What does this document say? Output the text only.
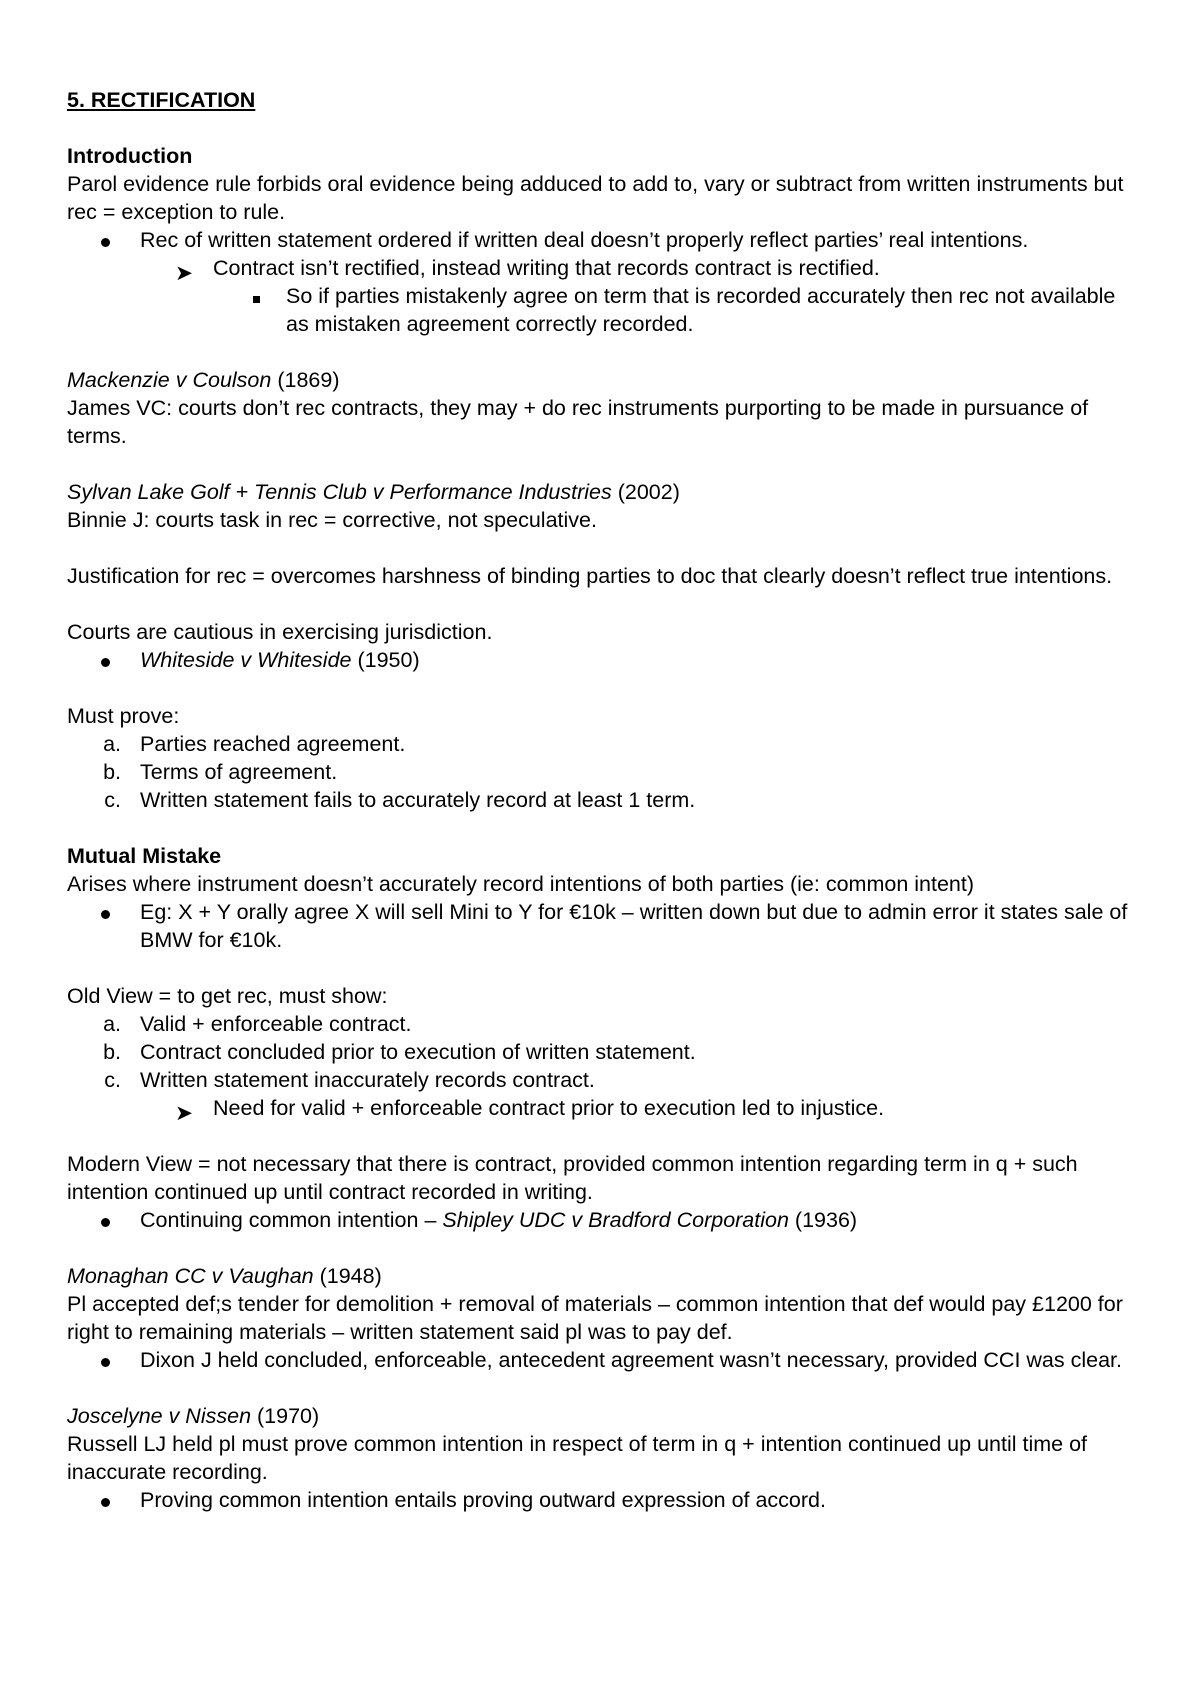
5. RECTIFICATION
Introduction
Parol evidence rule forbids oral evidence being adduced to add to, vary or subtract from written instruments but rec = exception to rule.
Rec of written statement ordered if written deal doesn’t properly reflect parties’ real intentions.
➤ Contract isn’t rectified, instead writing that records contract is rectified.
So if parties mistakenly agree on term that is recorded accurately then rec not available as mistaken agreement correctly recorded.
Mackenzie v Coulson (1869)
James VC: courts don’t rec contracts, they may + do rec instruments purporting to be made in pursuance of terms.
Sylvan Lake Golf + Tennis Club v Performance Industries (2002)
Binnie J: courts task in rec = corrective, not speculative.
Justification for rec = overcomes harshness of binding parties to doc that clearly doesn’t reflect true intentions.
Courts are cautious in exercising jurisdiction.
Whiteside v Whiteside (1950)
Must prove:
a. Parties reached agreement.
b. Terms of agreement.
c. Written statement fails to accurately record at least 1 term.
Mutual Mistake
Arises where instrument doesn’t accurately record intentions of both parties (ie: common intent)
Eg: X + Y orally agree X will sell Mini to Y for €10k – written down but due to admin error it states sale of BMW for €10k.
Old View = to get rec, must show:
a. Valid + enforceable contract.
b. Contract concluded prior to execution of written statement.
c. Written statement inaccurately records contract.
➤ Need for valid + enforceable contract prior to execution led to injustice.
Modern View = not necessary that there is contract, provided common intention regarding term in q + such intention continued up until contract recorded in writing.
Continuing common intention – Shipley UDC v Bradford Corporation (1936)
Monaghan CC v Vaughan (1948)
Pl accepted def;s tender for demolition + removal of materials – common intention that def would pay £1200 for right to remaining materials – written statement said pl was to pay def.
Dixon J held concluded, enforceable, antecedent agreement wasn’t necessary, provided CCI was clear.
Joscelyne v Nissen (1970)
Russell LJ held pl must prove common intention in respect of term in q + intention continued up until time of inaccurate recording.
Proving common intention entails proving outward expression of accord.
